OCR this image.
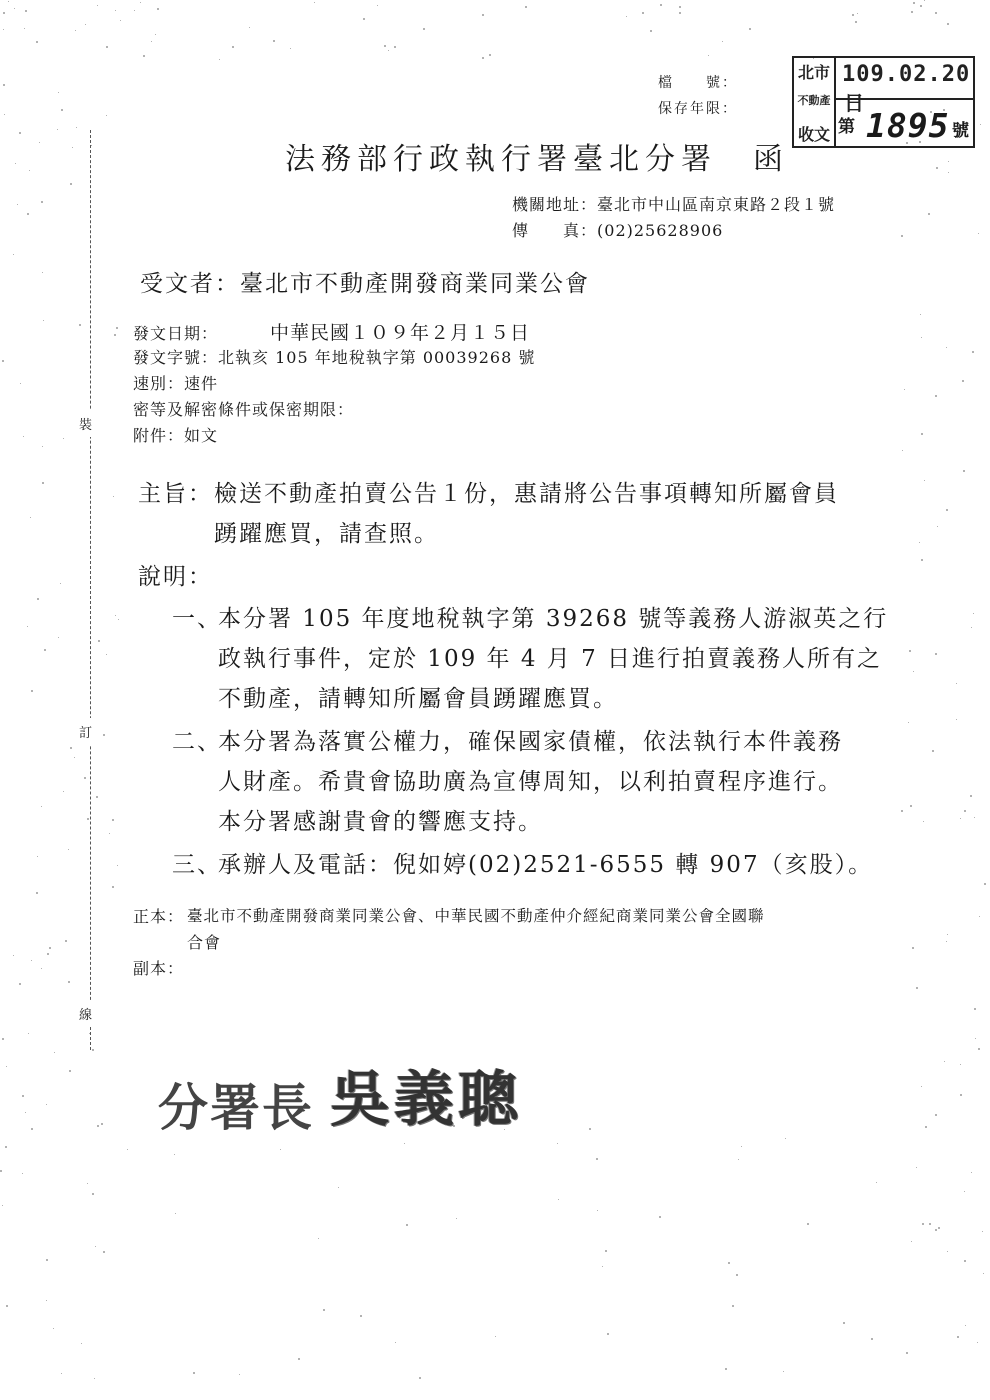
裝
訂
線
檔　　號：
保存年限：
北市
不動產
收文
109.02.20日
第 1895 號
法務部行政執行署臺北分署　函
機關地址：臺北市中山區南京東路２段１號
傳　　真：(02)25628906
受文者：臺北市不動產開發商業同業公會
發文日期：	中華民國１０９年２月１５日
發文字號：北執亥 105 年地稅執字第 00039268 號
速別：速件
密等及解密條件或保密期限：
附件：如文
主旨： 檢送不動產拍賣公告１份，惠請將公告事項轉知所屬會員
踴躍應買，請查照。
說明：
一、
本分署 105 年度地稅執字第 39268 號等義務人游淑英之行
政執行事件，定於 109 年 4 月 7 日進行拍賣義務人所有之
不動產，請轉知所屬會員踴躍應買。
二、
本分署為落實公權力，確保國家債權，依法執行本件義務
人財產。希貴會協助廣為宣傳周知，以利拍賣程序進行。
本分署感謝貴會的響應支持。
三、
承辦人及電話：倪如婷(02)2521-6555 轉 907（亥股）。
正本： 臺北市不動產開發商業同業公會、中華民國不動產仲介經紀商業同業公會全國聯
合會
副本：
分署長 吳義聰
